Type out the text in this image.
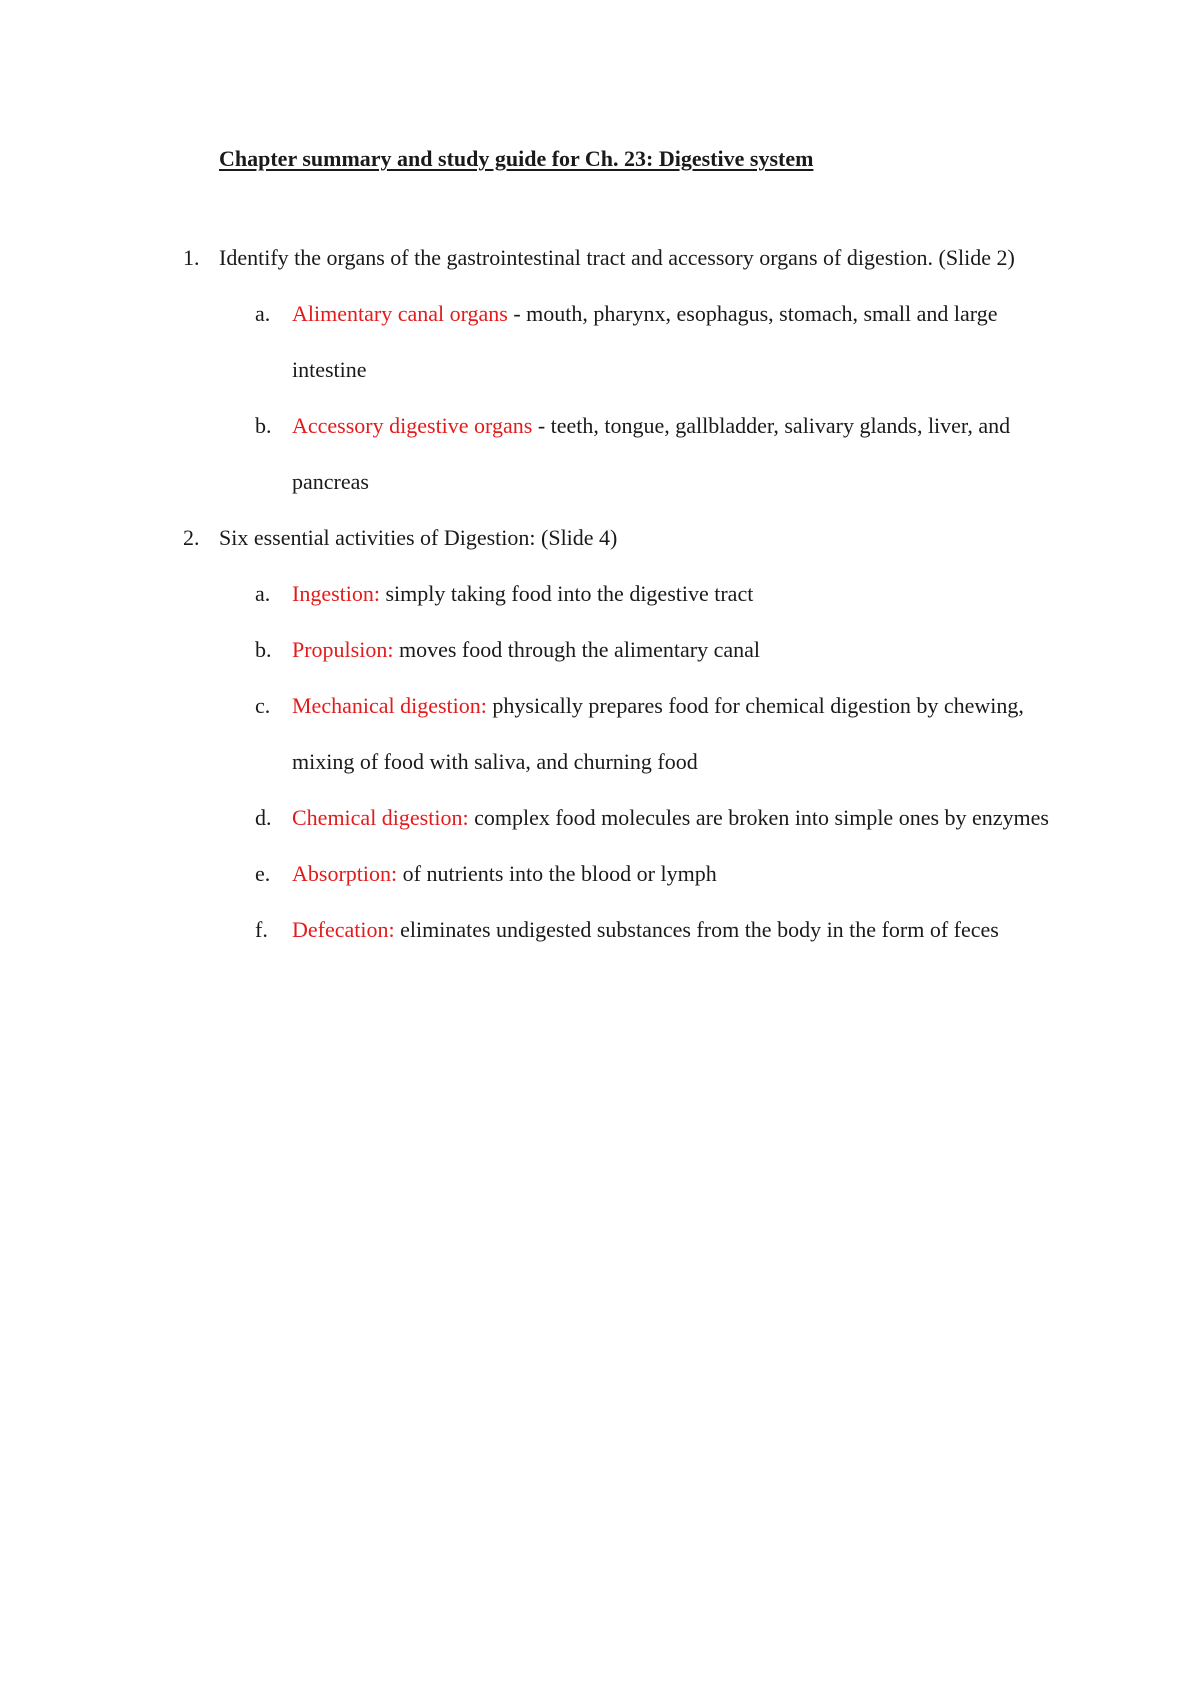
Chapter summary and study guide for Ch. 23: Digestive system
1. Identify the organs of the gastrointestinal tract and accessory organs of digestion. (Slide 2)
a. Alimentary canal organs - mouth, pharynx, esophagus, stomach, small and large intestine
b. Accessory digestive organs - teeth, tongue, gallbladder, salivary glands, liver, and pancreas
2. Six essential activities of Digestion: (Slide 4)
a. Ingestion: simply taking food into the digestive tract
b. Propulsion: moves food through the alimentary canal
c. Mechanical digestion: physically prepares food for chemical digestion by chewing, mixing of food with saliva, and churning food
d. Chemical digestion: complex food molecules are broken into simple ones by enzymes
e. Absorption: of nutrients into the blood or lymph
f. Defecation: eliminates undigested substances from the body in the form of feces
